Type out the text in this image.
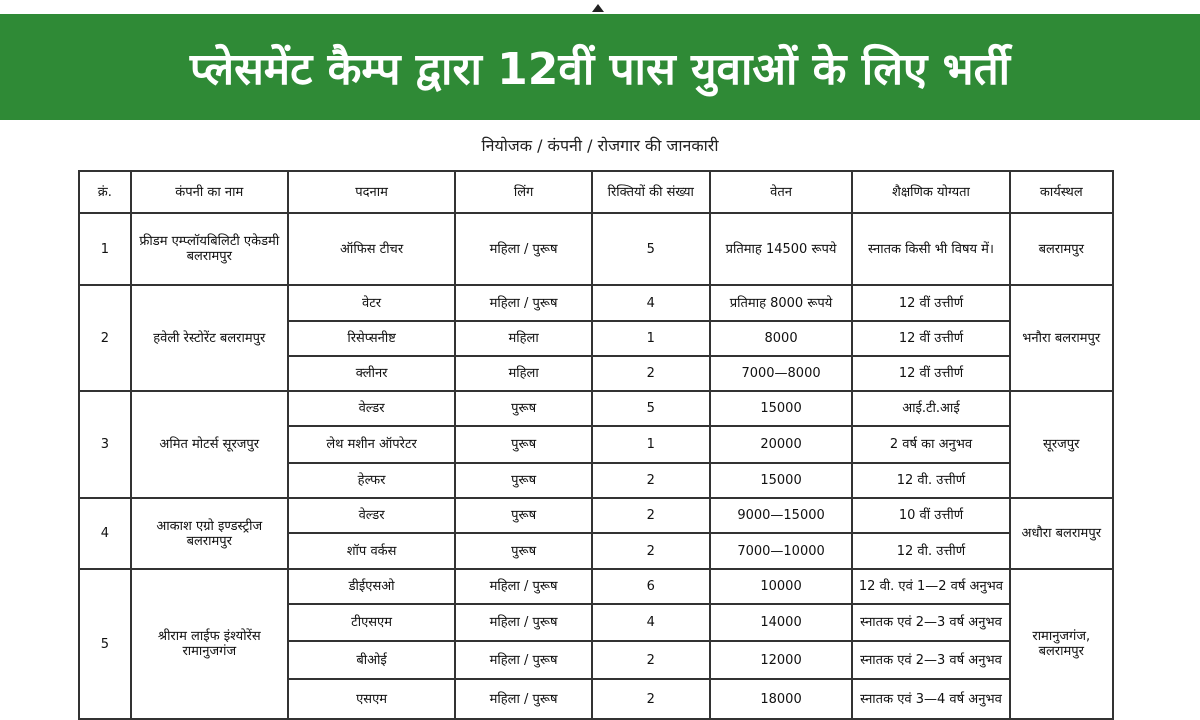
प्लेसमेंट कैम्प द्वारा 12वीं पास युवाओं के लिए भर्ती
नियोजक / कंपनी / रोजगार की जानकारी
क्रं.	कंपनी का नाम	पदनाम	लिंग	रिक्तियों की संख्या	वेतन	शैक्षणिक योग्यता	कार्यस्थल
1	फ्रीडम एम्प्लॉयबिलिटी एकेडमी बलरामपुर	ऑफिस टीचर	महिला / पुरूष	5	प्रतिमाह 14500 रूपये	स्नातक किसी भी विषय में।	बलरामपुर
2	हवेली रेस्टोरेंट बलरामपुर	वेटर	महिला / पुरूष	4	प्रतिमाह 8000 रूपये	12 वीं उत्तीर्ण	भनौरा बलरामपुर
		रिसेप्सनीष्ट	महिला	1	8000	12 वीं उत्तीर्ण	
		क्लीनर	महिला	2	7000—8000	12 वीं उत्तीर्ण	
3	अमित मोटर्स सूरजपुर	वेल्डर	पुरूष	5	15000	आई.टी.आई	सूरजपुर
		लेथ मशीन ऑपरेटर	पुरूष	1	20000	2 वर्ष का अनुभव	
		हेल्फर	पुरूष	2	15000	12 वी. उत्तीर्ण	
4	आकाश एग्रो इण्डस्ट्रीज बलरामपुर	वेल्डर	पुरूष	2	9000—15000	10 वीं उत्तीर्ण	अधौरा बलरामपुर
		शॉप वर्कस	पुरूष	2	7000—10000	12 वी. उत्तीर्ण	
5	श्रीराम लाईफ इंश्योरेंस रामानुजगंज	डीईएसओ	महिला / पुरूष	6	10000	12 वी. एवं 1—2 वर्ष अनुभव	रामानुजगंज, बलरामपुर
		टीएसएम	महिला / पुरूष	4	14000	स्नातक एवं 2—3 वर्ष अनुभव	
		बीओई	महिला / पुरूष	2	12000	स्नातक एवं 2—3 वर्ष अनुभव	
		एसएम	महिला / पुरूष	2	18000	स्नातक एवं 3—4 वर्ष अनुभव	
